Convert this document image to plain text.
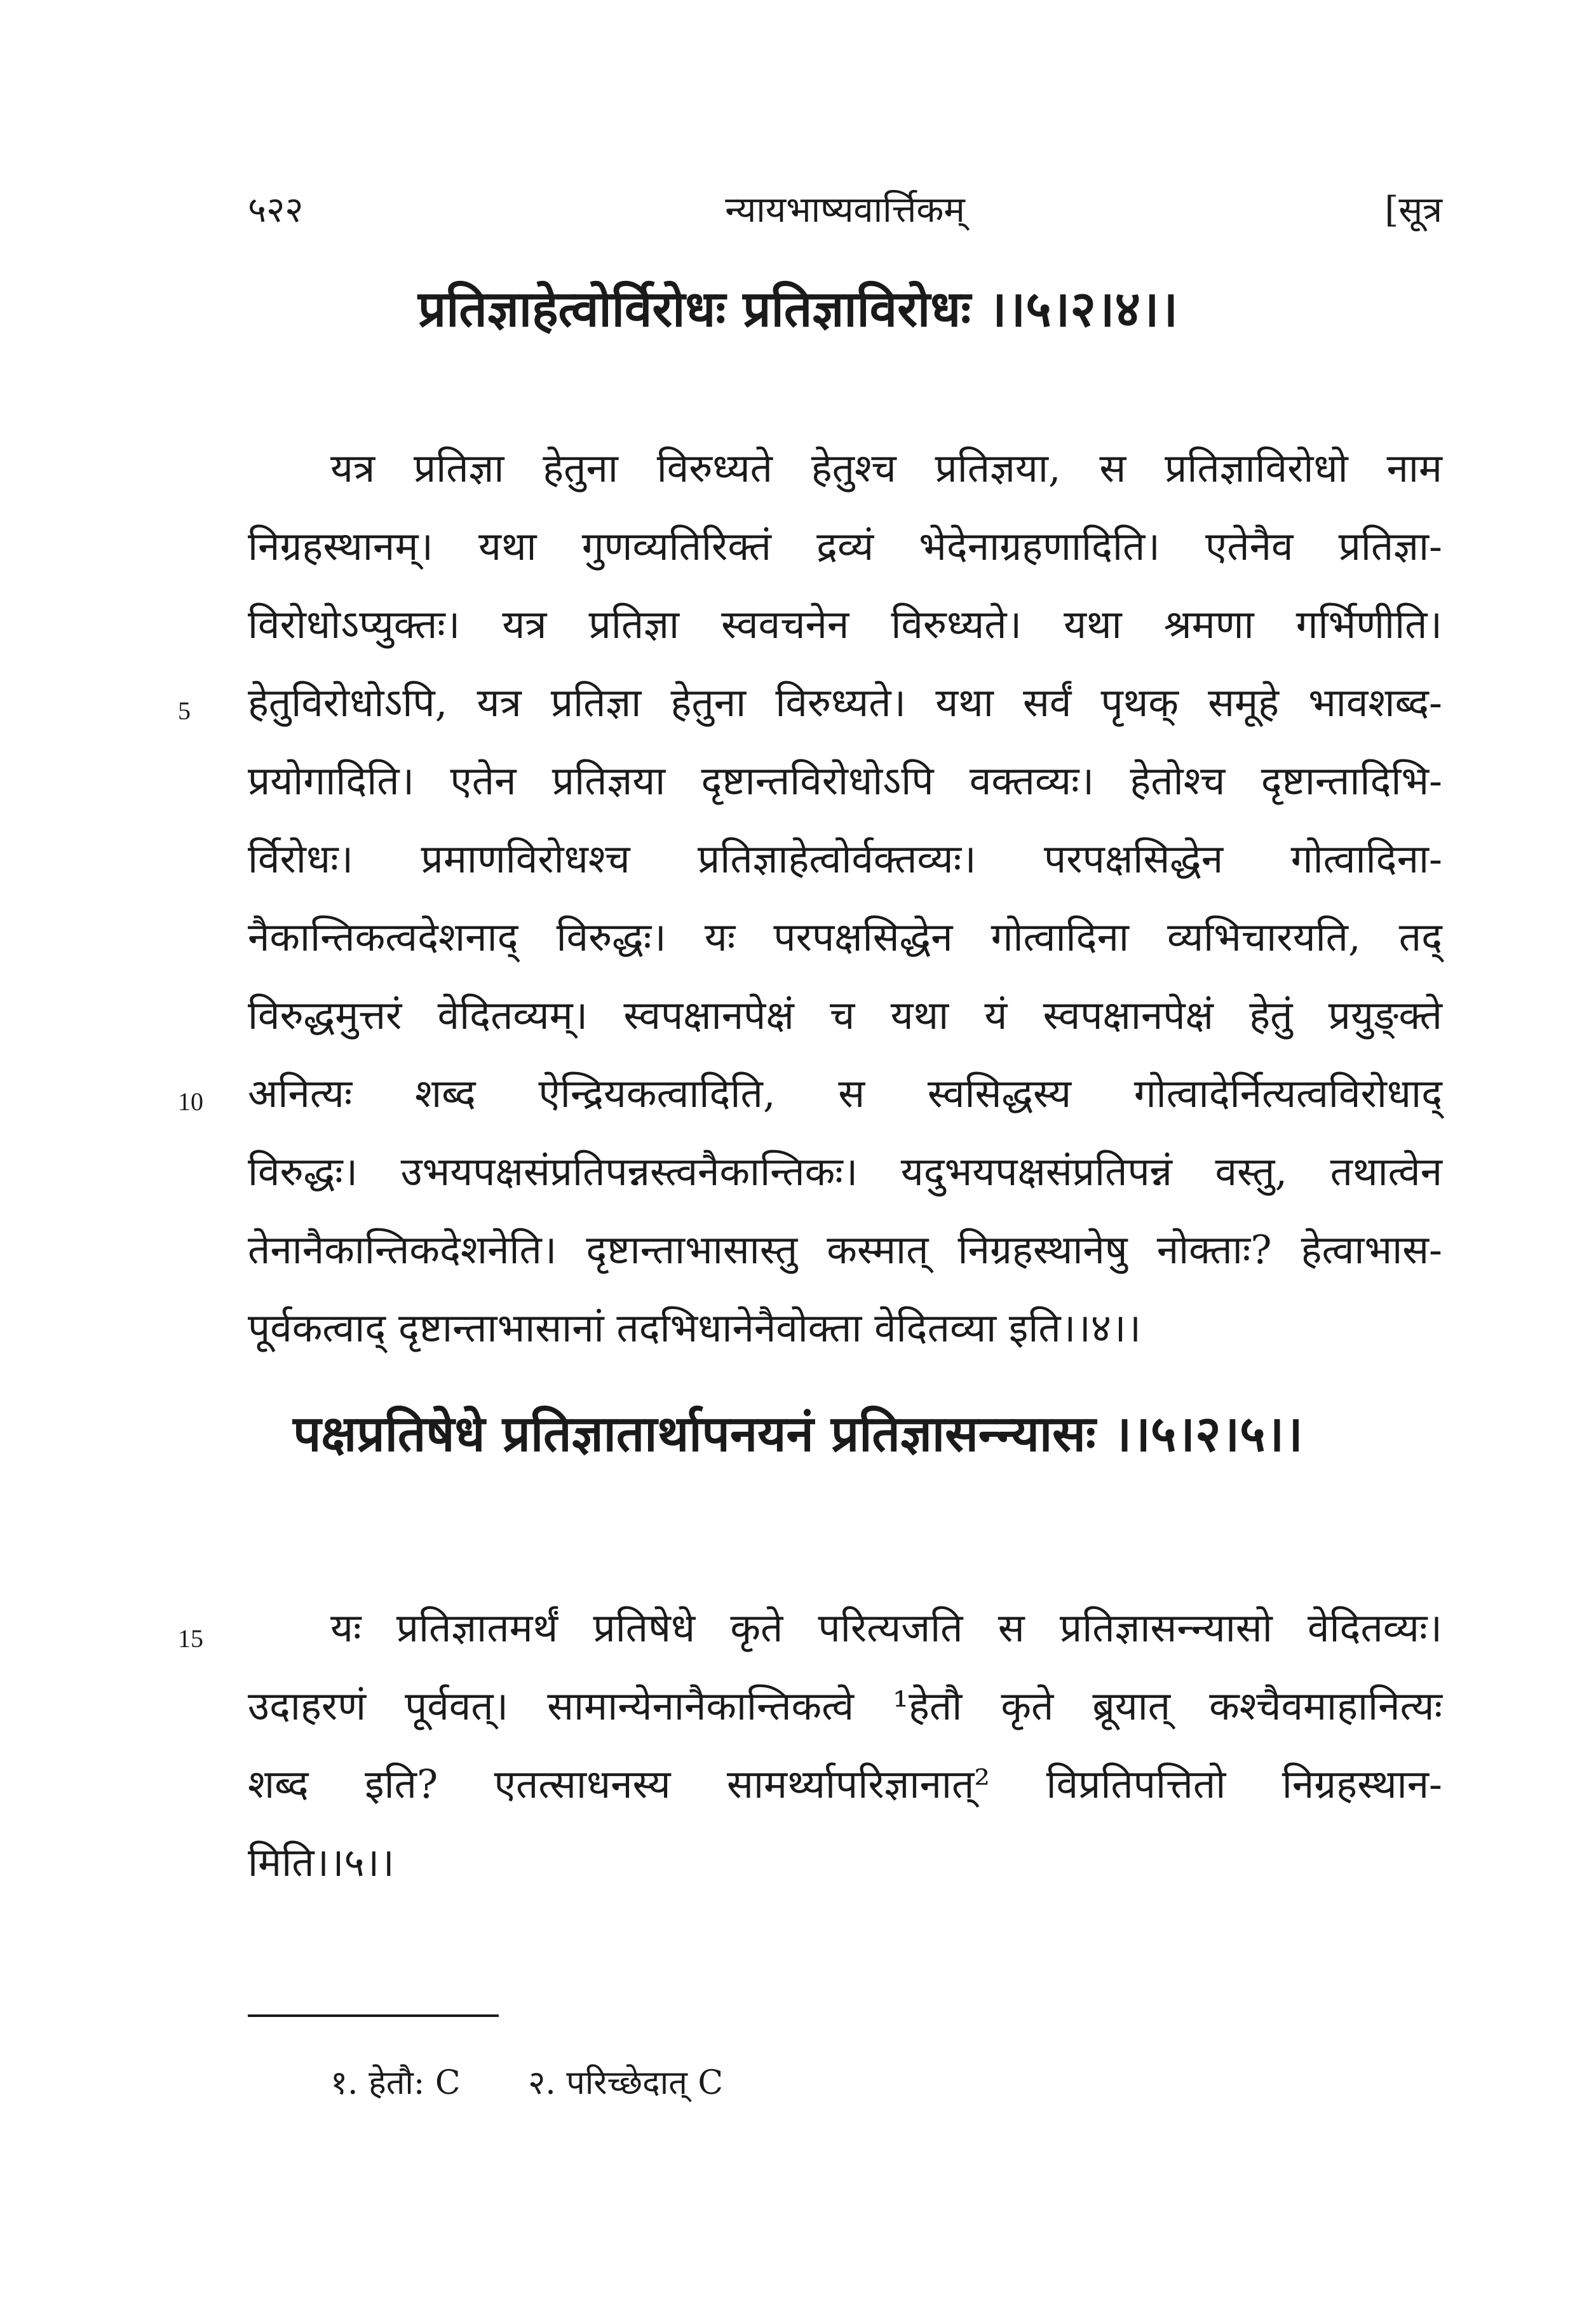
५२२	न्यायभाष्यवार्त्तिकम्	[सूत्र
प्रतिज्ञाहेत्वोर्विरोधः प्रतिज्ञाविरोधः ।।५।२।४।।
यत्र प्रतिज्ञा हेतुना विरुध्यते हेतुश्च प्रतिज्ञया, स प्रतिज्ञाविरोधो नाम
निग्रहस्थानम्। यथा गुणव्यतिरिक्तं द्रव्यं भेदेनाग्रहणादिति। एतेनैव प्रतिज्ञा-
विरोधोऽप्युक्तः। यत्र प्रतिज्ञा स्ववचनेन विरुध्यते। यथा श्रमणा गर्भिणीति।
हेतुविरोधोऽपि, यत्र प्रतिज्ञा हेतुना विरुध्यते। यथा सर्वं पृथक् समूहे भावशब्द-
प्रयोगादिति। एतेन प्रतिज्ञया दृष्टान्तविरोधोऽपि वक्तव्यः। हेतोश्च दृष्टान्तादिभि-
र्विरोधः। प्रमाणविरोधश्च प्रतिज्ञाहेत्वोर्वक्तव्यः। परपक्षसिद्धेन गोत्वादिना-
नैकान्तिकत्वदेशनाद् विरुद्धः। यः परपक्षसिद्धेन गोत्वादिना व्यभिचारयति, तद्
विरुद्धमुत्तरं वेदितव्यम्। स्वपक्षानपेक्षं च यथा यं स्वपक्षानपेक्षं हेतुं प्रयुङ्क्ते
अनित्यः शब्द ऐन्द्रियकत्वादिति, स स्वसिद्धस्य गोत्वादेर्नित्यत्वविरोधाद्
विरुद्धः। उभयपक्षसंप्रतिपन्नस्त्वनैकान्तिकः। यदुभयपक्षसंप्रतिपन्नं वस्तु, तथात्वेन
तेनानैकान्तिकदेशनेति। दृष्टान्ताभासास्तु कस्मात् निग्रहस्थानेषु नोक्ताः? हेत्वाभास-
पूर्वकत्वाद् दृष्टान्ताभासानां तदभिधानेनैवोक्ता वेदितव्या इति।।४।।
5
10
पक्षप्रतिषेधे प्रतिज्ञातार्थापनयनं प्रतिज्ञासन्न्यासः ।।५।२।५।।
15	यः प्रतिज्ञातमर्थं प्रतिषेधे कृते परित्यजति स प्रतिज्ञासन्न्यासो वेदितव्यः।
उदाहरणं पूर्ववत्। सामान्येनानैकान्तिकत्वे ¹हेतौ कृते ब्रूयात् कश्चैवमाहानित्यः
शब्द इति? एतत्साधनस्य सामर्थ्यापरिज्ञानात्² विप्रतिपत्तितो निग्रहस्थान-
मिति।।५।।
१. हेतौ: C २. परिच्छेदात् C
